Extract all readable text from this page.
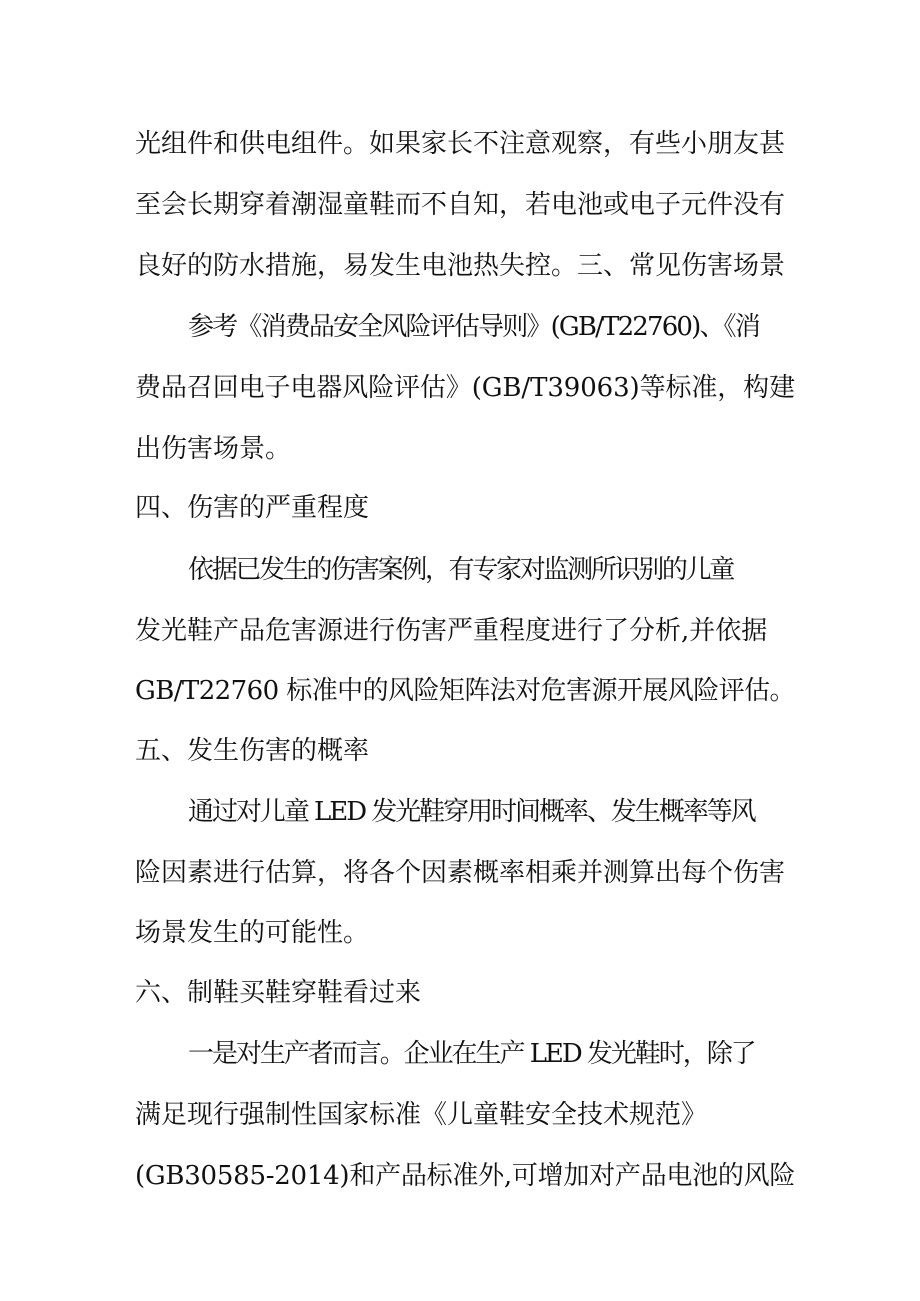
光组件和供电组件。如果家长不注意观察，有些小朋友甚
至会长期穿着潮湿童鞋而不自知，若电池或电子元件没有
良好的防水措施，易发生电池热失控。三、常见伤害场景
参考《消费品安全风险评估导则》(GB/T22760)、《消
费品召回电子电器风险评估》(GB/T39063)等标准，构建
出伤害场景。
四、伤害的严重程度
依据已发生的伤害案例，有专家对监测所识别的儿童
发光鞋产品危害源进行伤害严重程度进行了分析,并依据
GB/T22760 标准中的风险矩阵法对危害源开展风险评估。
五、发生伤害的概率
通过对儿童 LED 发光鞋穿用时间概率、发生概率等风
险因素进行估算，将各个因素概率相乘并测算出每个伤害
场景发生的可能性。
六、制鞋买鞋穿鞋看过来
一是对生产者而言。企业在生产 LED 发光鞋时，除了
满足现行强制性国家标准《儿童鞋安全技术规范》
(GB30585-2014)和产品标准外,可增加对产品电池的风险
